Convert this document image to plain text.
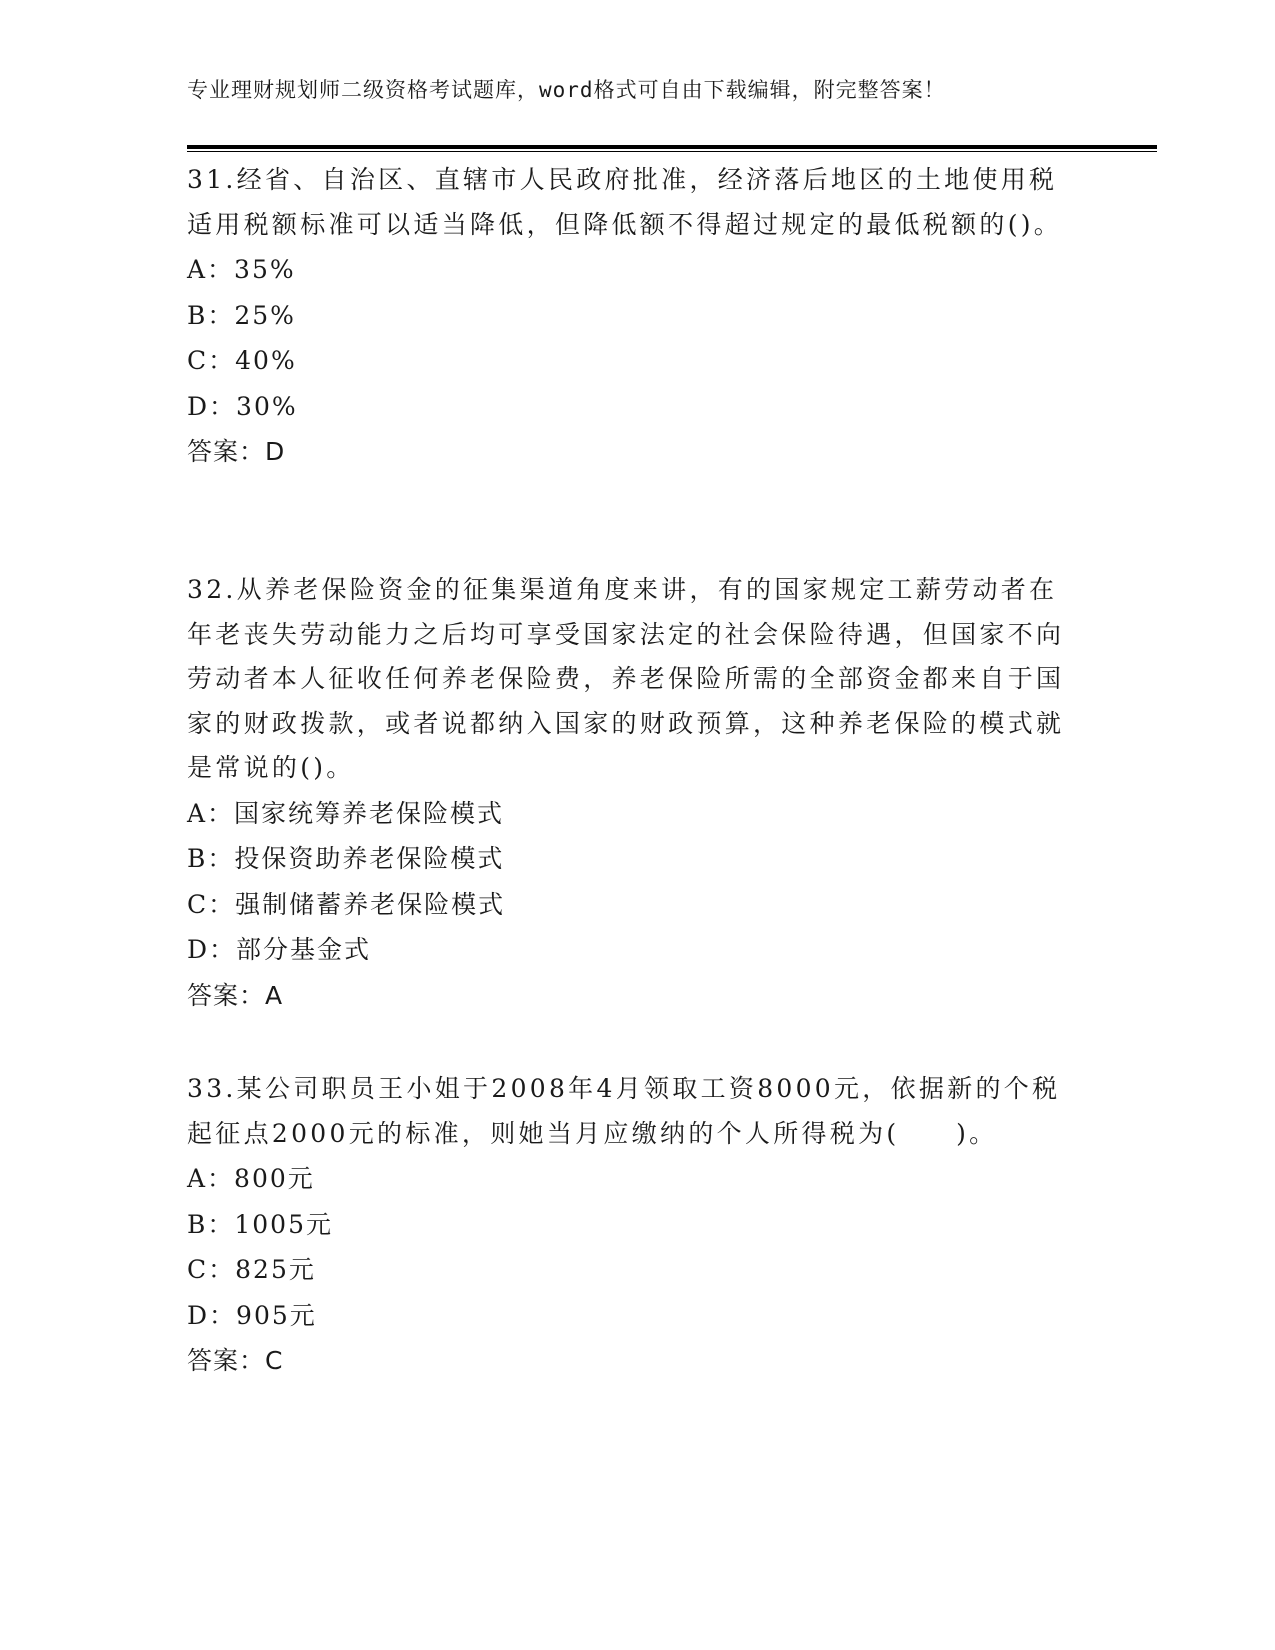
专业理财规划师二级资格考试题库，word格式可自由下载编辑，附完整答案！

31.经省、自治区、直辖市人民政府批准，经济落后地区的土地使用税适用税额标准可以适当降低，但降低额不得超过规定的最低税额的()。

A：35%

B：25%

C：40%

D：30%

答案：D

32.从养老保险资金的征集渠道角度来讲，有的国家规定工薪劳动者在年老丧失劳动能力之后均可享受国家法定的社会保险待遇，但国家不向劳动者本人征收任何养老保险费，养老保险所需的全部资金都来自于国家的财政拨款，或者说都纳入国家的财政预算，这种养老保险的模式就是常说的()。

A：国家统筹养老保险模式

B：投保资助养老保险模式

C：强制储蓄养老保险模式

D：部分基金式

答案：A

33.某公司职员王小姐于2008年4月领取工资8000元，依据新的个税起征点2000元的标准，则她当月应缴纳的个人所得税为(　　)。

A：800元

B：1005元

C：825元

D：905元

答案：C
